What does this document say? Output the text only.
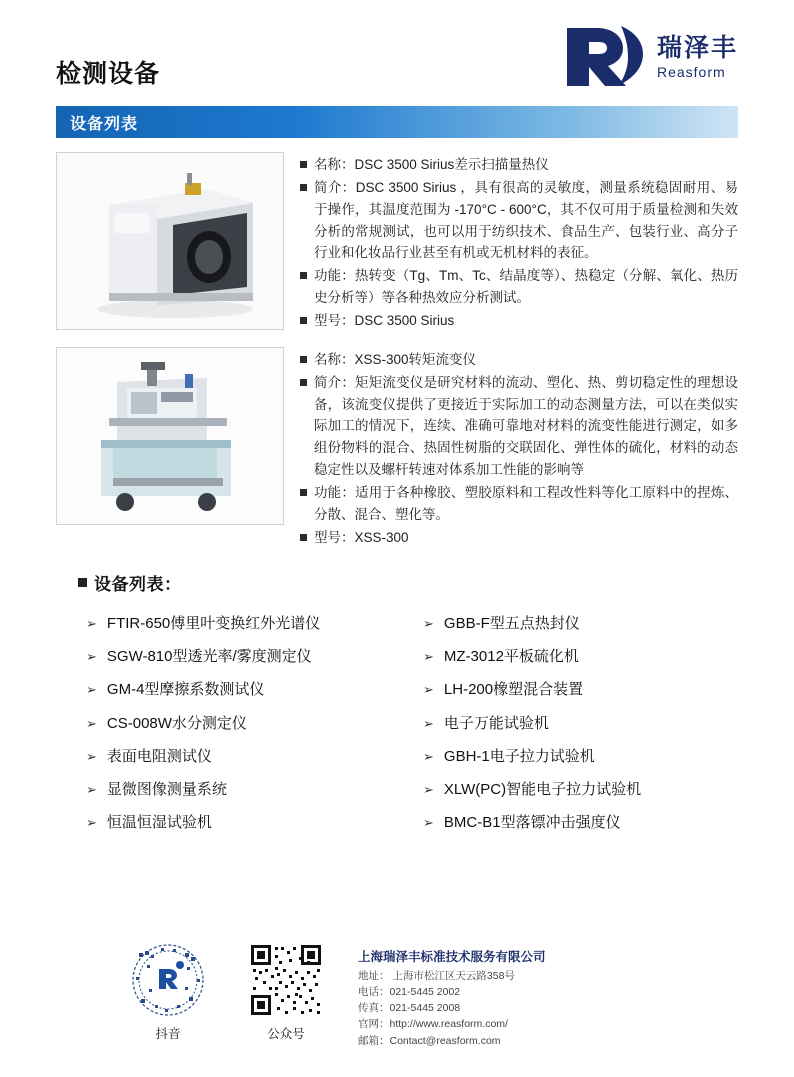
检测设备
瑞泽丰
Reasform
设备列表
名称：DSC 3500 Sirius差示扫描量热仪
简介：DSC 3500 Sirius ，具有很高的灵敏度，测量系统稳固耐用、易于操作，其温度范围为 -170°C - 600°C，其不仅可用于质量检测和失效分析的常规测试，也可以用于纺织技术、食品生产、包装行业、高分子行业和化妆品行业甚至有机或无机材料的表征。
功能：热转变（Tg、Tm、Tc、结晶度等）、热稳定（分解、氧化、热历史分析等）等各种热效应分析测试。
型号：DSC 3500 Sirius
名称：XSS-300转矩流变仪
简介：矩矩流变仪是研究材料的流动、塑化、热、剪切稳定性的理想设备，该流变仪提供了更接近于实际加工的动态测量方法，可以在类似实际加工的情况下，连续、准确可靠地对材料的流变性能进行测定，如多组份物料的混合、热固性树脂的交联固化、弹性体的硫化，材料的动态稳定性以及螺杆转速对体系加工性能的影响等
功能：适用于各种橡胶、塑胶原料和工程改性料等化工原料中的捏炼、分散、混合、塑化等。
型号：XSS-300
设备列表：
➢ FTIR-650傅里叶变换红外光谱仪	➢ GBB-F型五点热封仪
➢ SGW-810型透光率/雾度测定仪	➢ MZ-3012平板硫化机
➢ GM-4型摩擦系数测试仪	➢ LH-200橡塑混合装置
➢ CS-008W水分测定仪	➢ 电子万能试验机
➢ 表面电阻测试仪	➢ GBH-1电子拉力试验机
➢ 显微图像测量系统	➢ XLW(PC)智能电子拉力试验机
➢ 恒温恒湿试验机	➢ BMC-B1型落镖冲击强度仪
抖音	公众号
上海瑞泽丰标准技术服务有限公司
地址： 上海市松江区天云路358号
电话：021-5445 2002
传真：021-5445 2008
官网：http://www.reasform.com/
邮箱：Contact@reasform.com
